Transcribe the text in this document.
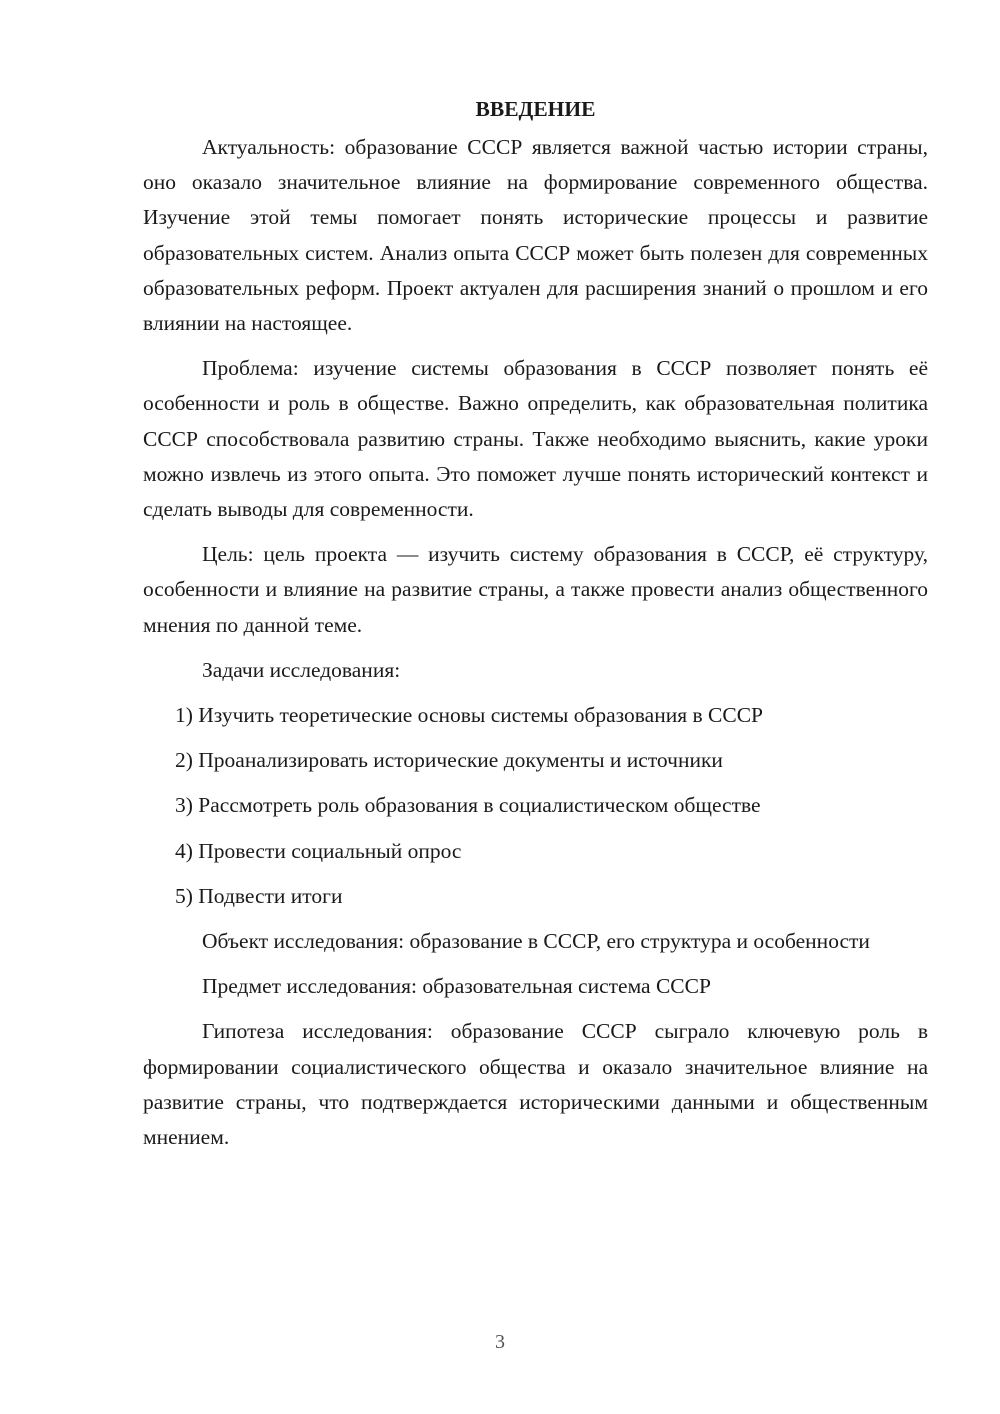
ВВЕДЕНИЕ

Актуальность: образование СССР является важной частью истории страны, оно оказало значительное влияние на формирование современного общества. Изучение этой темы помогает понять исторические процессы и развитие образовательных систем. Анализ опыта СССР может быть полезен для современных образовательных реформ. Проект актуален для расширения знаний о прошлом и его влиянии на настоящее.

Проблема: изучение системы образования в СССР позволяет понять её особенности и роль в обществе. Важно определить, как образовательная политика СССР способствовала развитию страны. Также необходимо выяснить, какие уроки можно извлечь из этого опыта. Это поможет лучше понять исторический контекст и сделать выводы для современности.

Цель: цель проекта — изучить систему образования в СССР, её структуру, особенности и влияние на развитие страны, а также провести анализ общественного мнения по данной теме.

Задачи исследования:

1) Изучить теоретические основы системы образования в СССР

2) Проанализировать исторические документы и источники

3) Рассмотреть роль образования в социалистическом обществе

4) Провести социальный опрос

5) Подвести итоги

Объект исследования: образование в СССР, его структура и особенности

Предмет исследования: образовательная система СССР

Гипотеза исследования: образование СССР сыграло ключевую роль в формировании социалистического общества и оказало значительное влияние на развитие страны, что подтверждается историческими данными и общественным мнением.

3
